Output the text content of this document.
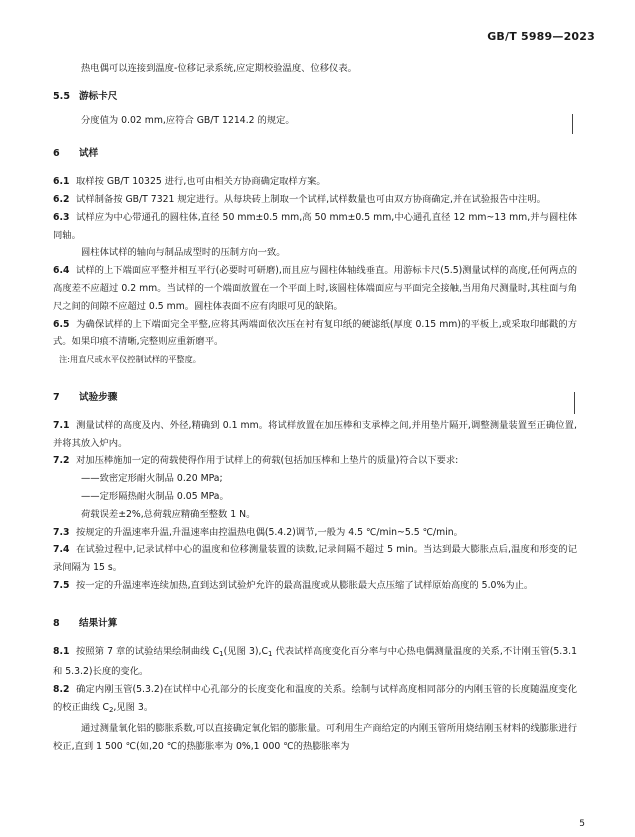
GB/T 5989—2023

热电偶可以连接到温度-位移记录系统,应定期校验温度、位移仪表。

5.5 游标卡尺

分度值为 0.02 mm,应符合 GB/T 1214.2 的规定。

6 试样

6.1 取样按 GB/T 10325 进行,也可由相关方协商确定取样方案。

6.2 试样制备按 GB/T 7321 规定进行。从每块砖上制取一个试样,试样数量也可由双方协商确定,并在试验报告中注明。

6.3 试样应为中心带通孔的圆柱体,直径 50 mm±0.5 mm,高 50 mm±0.5 mm,中心通孔直径 12 mm~13 mm,并与圆柱体同轴。

圆柱体试样的轴向与制品成型时的压制方向一致。

6.4 试样的上下端面应平整并相互平行(必要时可研磨),而且应与圆柱体轴线垂直。用游标卡尺(5.5)测量试样的高度,任何两点的高度差不应超过 0.2 mm。当试样的一个端面放置在一个平面上时,该圆柱体端面应与平面完全接触,当用角尺测量时,其柱面与角尺之间的间隙不应超过 0.5 mm。圆柱体表面不应有肉眼可见的缺陷。

6.5 为确保试样的上下端面完全平整,应将其两端面依次压在衬有复印纸的硬滤纸(厚度 0.15 mm)的平板上,或采取印邮戳的方式。如果印痕不清晰,完整则应重新磨平。

注:用直尺或水平仪控制试样的平整度。

7 试验步骤

7.1 测量试样的高度及内、外径,精确到 0.1 mm。将试样放置在加压棒和支承棒之间,并用垫片隔开,调整测量装置至正确位置,并将其放入炉内。

7.2 对加压棒施加一定的荷载使得作用于试样上的荷载(包括加压棒和上垫片的质量)符合以下要求:

——致密定形耐火制品 0.20 MPa;

——定形隔热耐火制品 0.05 MPa。

荷载误差±2%,总荷载应精确至整数 1 N。

7.3 按规定的升温速率升温,升温速率由控温热电偶(5.4.2)调节,一般为 4.5 ℃/min~5.5 ℃/min。

7.4 在试验过程中,记录试样中心的温度和位移测量装置的读数,记录间隔不超过 5 min。当达到最大膨胀点后,温度和形变的记录间隔为 15 s。

7.5 按一定的升温速率连续加热,直到达到试验炉允许的最高温度或从膨胀最大点压缩了试样原始高度的 5.0%为止。

8 结果计算

8.1 按照第 7 章的试验结果绘制曲线 $C_1$(见图 $3),C_1$ 代表试样高度变化百分率与中心热电偶测量温度的关系,不计刚玉管(5.3.1 和 5.3.2)长度的变化。

8.2 确定内刚玉管(5.3.2)在试样中心孔部分的长度变化和温度的关系。绘制与试样高度相同部分的内刚玉管的长度随温度变化的校正曲线 $C_2$,见图 3。

通过测量氧化铝的膨胀系数,可以直接确定氧化铝的膨胀量。可利用生产商给定的内刚玉管所用烧结刚玉材料的线膨胀进行校正,直到 1 500 ℃(如,20 ℃的热膨胀率为 0%,1 000 ℃的热膨胀率为

5
